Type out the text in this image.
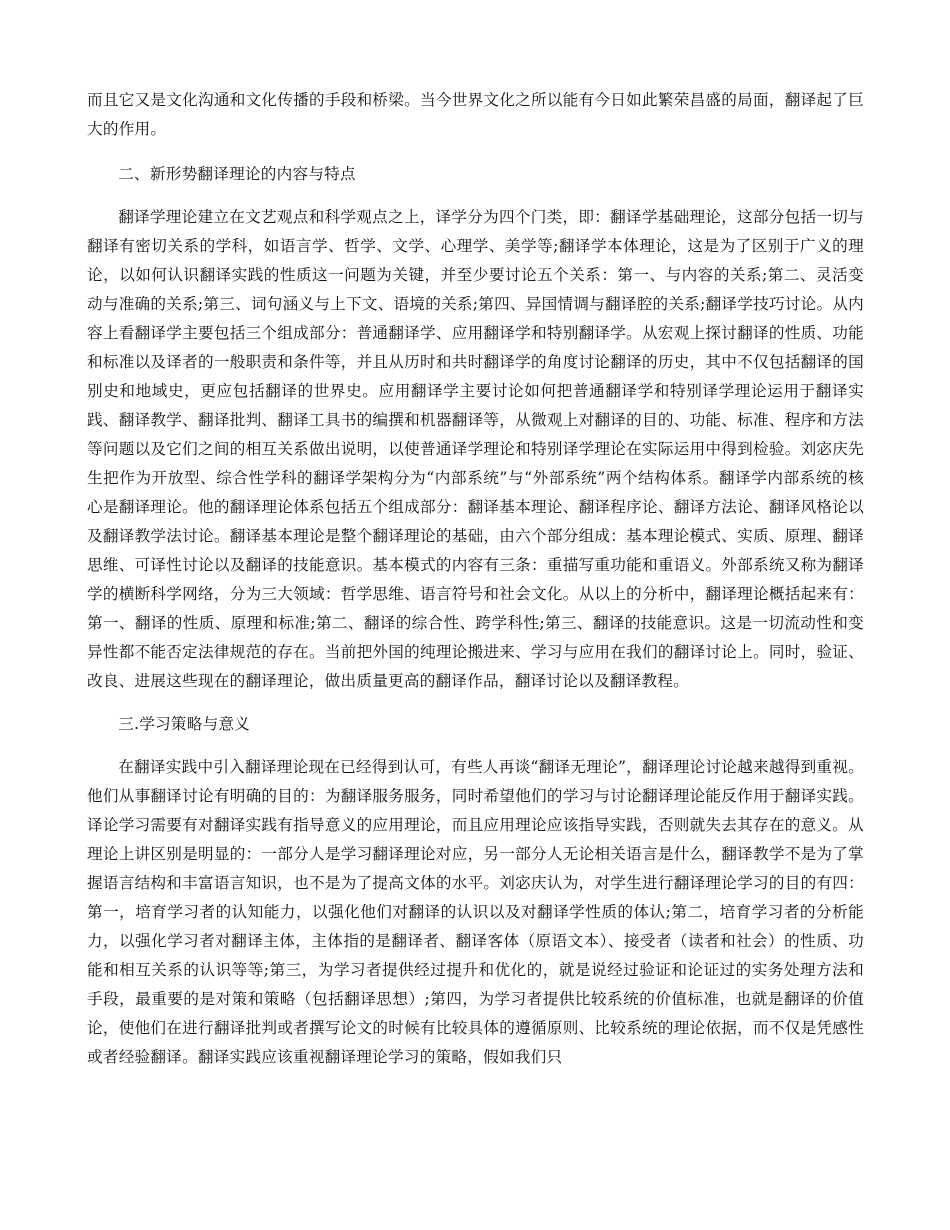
而且它又是文化沟通和文化传播的手段和桥梁。当今世界文化之所以能有今日如此繁荣昌盛的局面，翻译起了巨大的作用。

二、新形势翻译理论的内容与特点

翻译学理论建立在文艺观点和科学观点之上，译学分为四个门类，即：翻译学基础理论，这部分包括一切与翻译有密切关系的学科，如语言学、哲学、文学、心理学、美学等;翻译学本体理论，这是为了区别于广义的理论，以如何认识翻译实践的性质这一问题为关键，并至少要讨论五个关系：第一、与内容的关系;第二、灵活变动与准确的关系;第三、词句涵义与上下文、语境的关系;第四、异国情调与翻译腔的关系;翻译学技巧讨论。从内容上看翻译学主要包括三个组成部分：普通翻译学、应用翻译学和特别翻译学。从宏观上探讨翻译的性质、功能和标准以及译者的一般职责和条件等，并且从历时和共时翻译学的角度讨论翻译的历史，其中不仅包括翻译的国别史和地域史，更应包括翻译的世界史。应用翻译学主要讨论如何把普通翻译学和特别译学理论运用于翻译实践、翻译教学、翻译批判、翻译工具书的编撰和机器翻译等，从微观上对翻译的目的、功能、标准、程序和方法等问题以及它们之间的相互关系做出说明，以使普通译学理论和特别译学理论在实际运用中得到检验。刘宓庆先生把作为开放型、综合性学科的翻译学架构分为“内部系统”与“外部系统”两个结构体系。翻译学内部系统的核心是翻译理论。他的翻译理论体系包括五个组成部分：翻译基本理论、翻译程序论、翻译方法论、翻译风格论以及翻译教学法讨论。翻译基本理论是整个翻译理论的基础，由六个部分组成：基本理论模式、实质、原理、翻译思维、可译性讨论以及翻译的技能意识。基本模式的内容有三条：重描写重功能和重语义。外部系统又称为翻译学的横断科学网络，分为三大领域：哲学思维、语言符号和社会文化。从以上的分析中，翻译理论概括起来有：第一、翻译的性质、原理和标准;第二、翻译的综合性、跨学科性;第三、翻译的技能意识。这是一切流动性和变异性都不能否定法律规范的存在。当前把外国的纯理论搬进来、学习与应用在我们的翻译讨论上。同时，验证、改良、进展这些现在的翻译理论，做出质量更高的翻译作品，翻译讨论以及翻译教程。

三.学习策略与意义

在翻译实践中引入翻译理论现在已经得到认可，有些人再谈“翻译无理论”，翻译理论讨论越来越得到重视。他们从事翻译讨论有明确的目的：为翻译服务服务，同时希望他们的学习与讨论翻译理论能反作用于翻译实践。译论学习需要有对翻译实践有指导意义的应用理论，而且应用理论应该指导实践，否则就失去其存在的意义。从理论上讲区别是明显的：一部分人是学习翻译理论对应，另一部分人无论相关语言是什么，翻译教学不是为了掌握语言结构和丰富语言知识，也不是为了提高文体的水平。刘宓庆认为，对学生进行翻译理论学习的目的有四：第一，培育学习者的认知能力，以强化他们对翻译的认识以及对翻译学性质的体认;第二，培育学习者的分析能力，以强化学习者对翻译主体，主体指的是翻译者、翻译客体（原语文本）、接受者（读者和社会）的性质、功能和相互关系的认识等等;第三，为学习者提供经过提升和优化的，就是说经过验证和论证过的实务处理方法和手段，最重要的是对策和策略（包括翻译思想）;第四，为学习者提供比较系统的价值标准，也就是翻译的价值论，使他们在进行翻译批判或者撰写论文的时候有比较具体的遵循原则、比较系统的理论依据，而不仅是凭感性或者经验翻译。翻译实践应该重视翻译理论学习的策略，假如我们只
